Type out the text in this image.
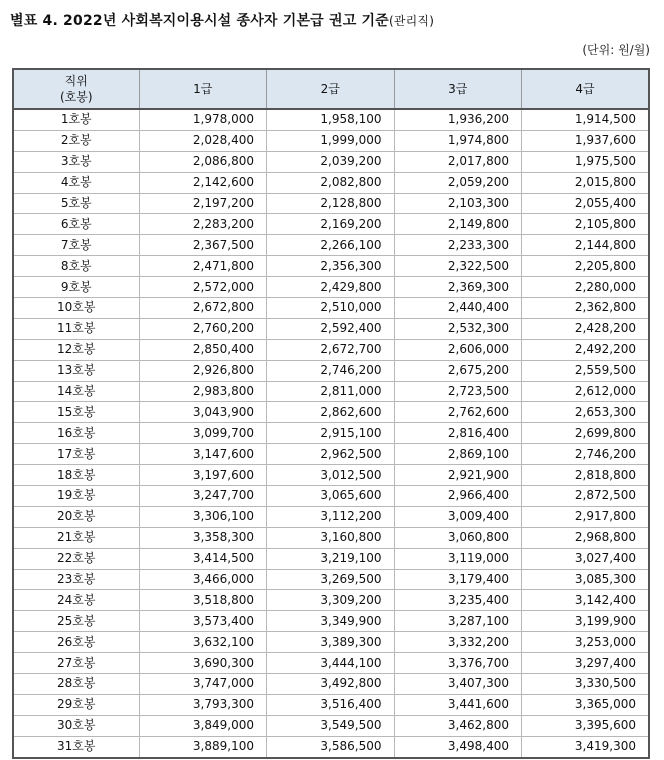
별표 4. 2022년 사회복지이용시설 종사자 기본급 권고 기준(관리직)
(단위: 원/월)
직위
(호봉)	1급	2급	3급	4급
1호봉	1,978,000	1,958,100	1,936,200	1,914,500
2호봉	2,028,400	1,999,000	1,974,800	1,937,600
3호봉	2,086,800	2,039,200	2,017,800	1,975,500
4호봉	2,142,600	2,082,800	2,059,200	2,015,800
5호봉	2,197,200	2,128,800	2,103,300	2,055,400
6호봉	2,283,200	2,169,200	2,149,800	2,105,800
7호봉	2,367,500	2,266,100	2,233,300	2,144,800
8호봉	2,471,800	2,356,300	2,322,500	2,205,800
9호봉	2,572,000	2,429,800	2,369,300	2,280,000
10호봉	2,672,800	2,510,000	2,440,400	2,362,800
11호봉	2,760,200	2,592,400	2,532,300	2,428,200
12호봉	2,850,400	2,672,700	2,606,000	2,492,200
13호봉	2,926,800	2,746,200	2,675,200	2,559,500
14호봉	2,983,800	2,811,000	2,723,500	2,612,000
15호봉	3,043,900	2,862,600	2,762,600	2,653,300
16호봉	3,099,700	2,915,100	2,816,400	2,699,800
17호봉	3,147,600	2,962,500	2,869,100	2,746,200
18호봉	3,197,600	3,012,500	2,921,900	2,818,800
19호봉	3,247,700	3,065,600	2,966,400	2,872,500
20호봉	3,306,100	3,112,200	3,009,400	2,917,800
21호봉	3,358,300	3,160,800	3,060,800	2,968,800
22호봉	3,414,500	3,219,100	3,119,000	3,027,400
23호봉	3,466,000	3,269,500	3,179,400	3,085,300
24호봉	3,518,800	3,309,200	3,235,400	3,142,400
25호봉	3,573,400	3,349,900	3,287,100	3,199,900
26호봉	3,632,100	3,389,300	3,332,200	3,253,000
27호봉	3,690,300	3,444,100	3,376,700	3,297,400
28호봉	3,747,000	3,492,800	3,407,300	3,330,500
29호봉	3,793,300	3,516,400	3,441,600	3,365,000
30호봉	3,849,000	3,549,500	3,462,800	3,395,600
31호봉	3,889,100	3,586,500	3,498,400	3,419,300
